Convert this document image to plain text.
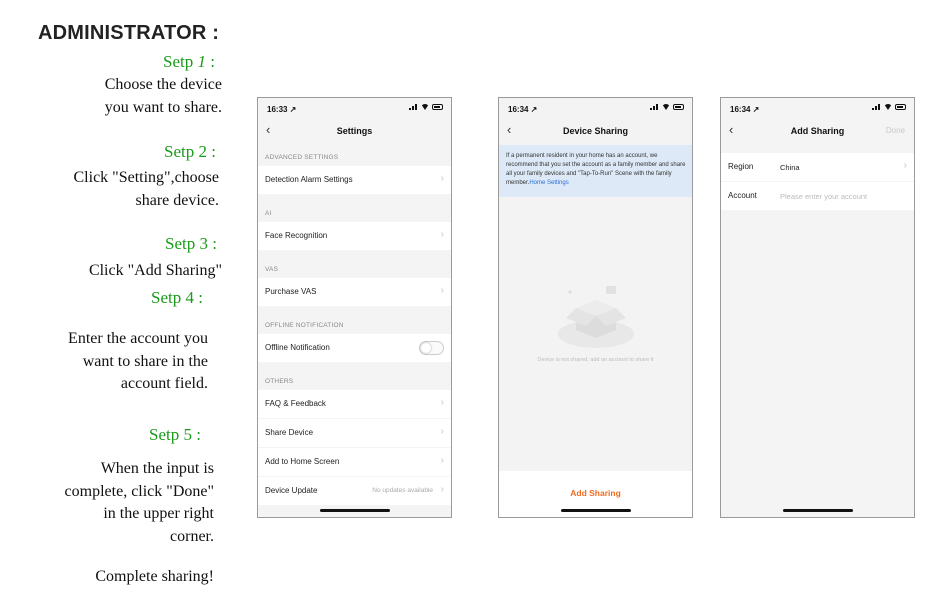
ADMINISTRATOR :
Setp 1 :
Choose the device
you want to share.
Setp 2 :
Click "Setting",choose
share device.
Setp 3 :
Click "Add Sharing"
Setp 4 :
Enter the account you
want to share in the
account field.
Setp 5 :
When the input is
complete, click "Done"
in the upper right
corner.
Complete sharing!
16:33 ↗
‹	Settings
ADVANCED SETTINGS
Detection Alarm Settings	›
AI
Face Recognition	›
VAS
Purchase VAS	›
OFFLINE NOTIFICATION
Offline Notification
OTHERS
FAQ & Feedback	›
Share Device	›
Add to Home Screen	›
Device Update	No updates available ›
16:34 ↗
‹	Device Sharing

If a permanent resident in your home has an account, we recommend that you set the account as a family member and share all your family devices and "Tap-To-Run" Scene with the family member.Home Settings

Device is not shared, add an account to share it
Add Sharing
16:34 ↗
‹	Add Sharing	Done
Region	China	›
Account	Please enter your account
